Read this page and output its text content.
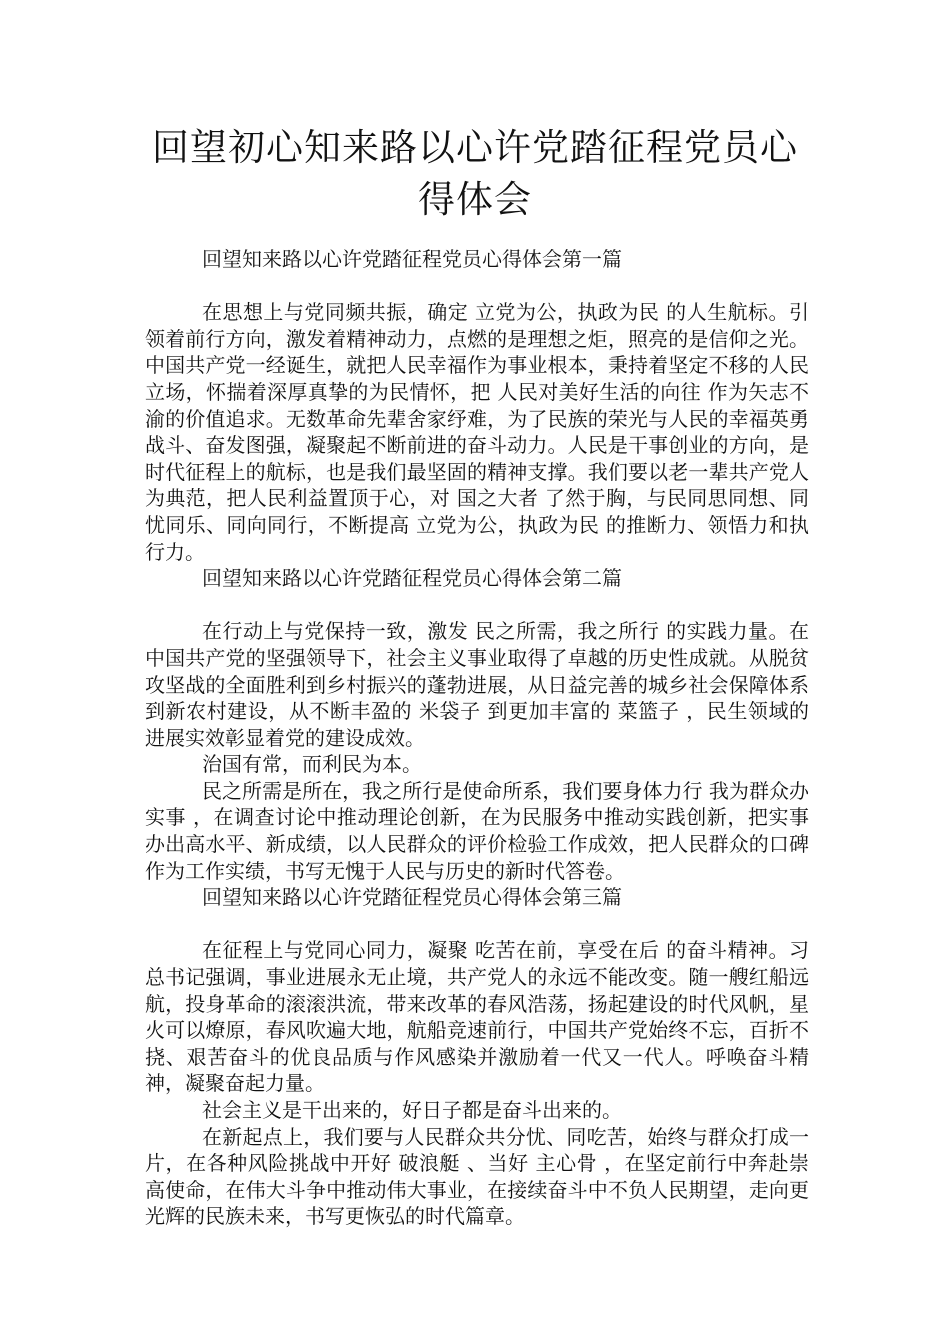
回望初心知来路以心许党踏征程党员心得体会

回望知来路以心许党踏征程党员心得体会第一篇

在思想上与党同频共振，确定 立党为公，执政为民 的人生航标。引领着前行方向，激发着精神动力，点燃的是理想之炬，照亮的是信仰之光。中国共产党一经诞生，就把人民幸福作为事业根本，秉持着坚定不移的人民立场，怀揣着深厚真挚的为民情怀，把 人民对美好生活的向往 作为矢志不渝的价值追求。无数革命先辈舍家纾难，为了民族的荣光与人民的幸福英勇战斗、奋发图强，凝聚起不断前进的奋斗动力。人民是干事创业的方向，是时代征程上的航标，也是我们最坚固的精神支撑。我们要以老一辈共产党人为典范，把人民利益置顶于心，对 国之大者 了然于胸，与民同思同想、同忧同乐、同向同行，不断提高 立党为公，执政为民 的推断力、领悟力和执行力。

回望知来路以心许党踏征程党员心得体会第二篇

在行动上与党保持一致，激发 民之所需，我之所行 的实践力量。在中国共产党的坚强领导下，社会主义事业取得了卓越的历史性成就。从脱贫攻坚战的全面胜利到乡村振兴的蓬勃进展，从日益完善的城乡社会保障体系到新农村建设，从不断丰盈的 米袋子 到更加丰富的 菜篮子 ，民生领域的进展实效彰显着党的建设成效。

治国有常，而利民为本。

民之所需是所在，我之所行是使命所系，我们要身体力行 我为群众办实事 ，在调查讨论中推动理论创新，在为民服务中推动实践创新，把实事办出高水平、新成绩，以人民群众的评价检验工作成效，把人民群众的口碑作为工作实绩，书写无愧于人民与历史的新时代答卷。

回望知来路以心许党踏征程党员心得体会第三篇

在征程上与党同心同力，凝聚 吃苦在前，享受在后 的奋斗精神。习总书记强调，事业进展永无止境，共产党人的永远不能改变。随一艘红船远航，投身革命的滚滚洪流，带来改革的春风浩荡，扬起建设的时代风帆，星火可以燎原，春风吹遍大地，航船竞速前行，中国共产党始终不忘，百折不挠、艰苦奋斗的优良品质与作风感染并激励着一代又一代人。呼唤奋斗精神，凝聚奋起力量。

社会主义是干出来的，好日子都是奋斗出来的。

在新起点上，我们要与人民群众共分忧、同吃苦，始终与群众打成一片，在各种风险挑战中开好 破浪艇 、当好 主心骨 ，在坚定前行中奔赴崇高使命，在伟大斗争中推动伟大事业，在接续奋斗中不负人民期望，走向更光辉的民族未来，书写更恢弘的时代篇章。
